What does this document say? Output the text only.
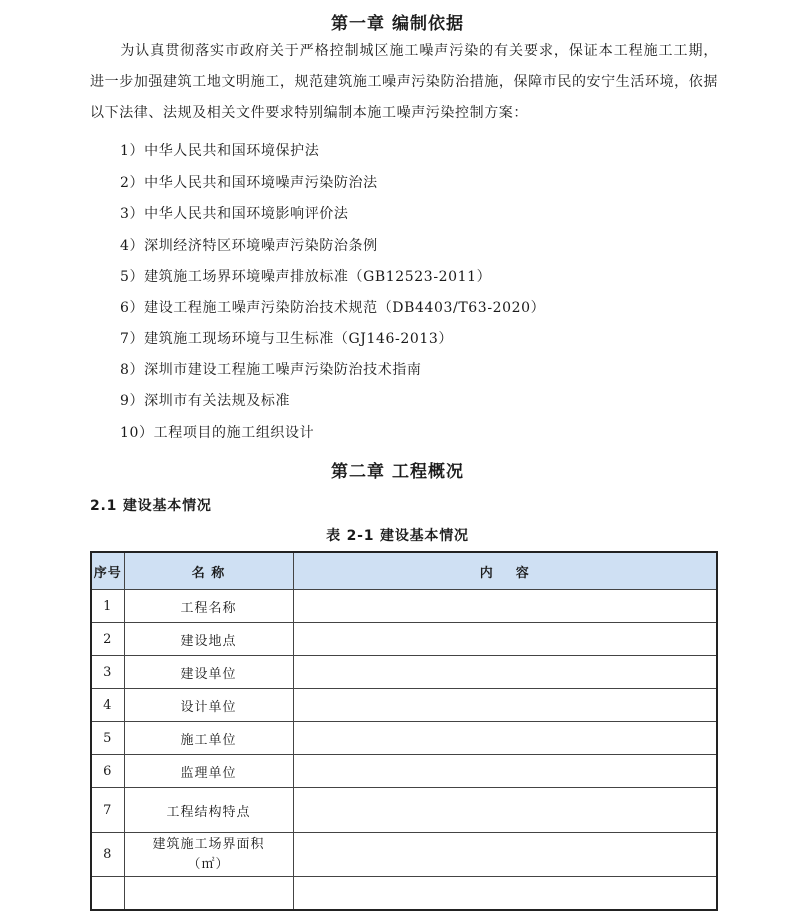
第一章 编制依据
为认真贯彻落实市政府关于严格控制城区施工噪声污染的有关要求，保证本工程施工工期，进一步加强建筑工地文明施工，规范建筑施工噪声污染防治措施，保障市民的安宁生活环境，依据以下法律、法规及相关文件要求特别编制本施工噪声污染控制方案：
1）中华人民共和国环境保护法
2）中华人民共和国环境噪声污染防治法
3）中华人民共和国环境影响评价法
4）深圳经济特区环境噪声污染防治条例
5）建筑施工场界环境噪声排放标准（GB12523-2011）
6）建设工程施工噪声污染防治技术规范（DB4403/T63-2020）
7）建筑施工现场环境与卫生标准（GJ146-2013）
8）深圳市建设工程施工噪声污染防治技术指南
9）深圳市有关法规及标准
10）工程项目的施工组织设计
第二章 工程概况
2.1 建设基本情况
表 2-1 建设基本情况
序号	名 称	内    容
1	工程名称	
2	建设地点	
3	建设单位	
4	设计单位	
5	施工单位	
6	监理单位	
7	工程结构特点	
8	建筑施工场界面积
（㎡）	
